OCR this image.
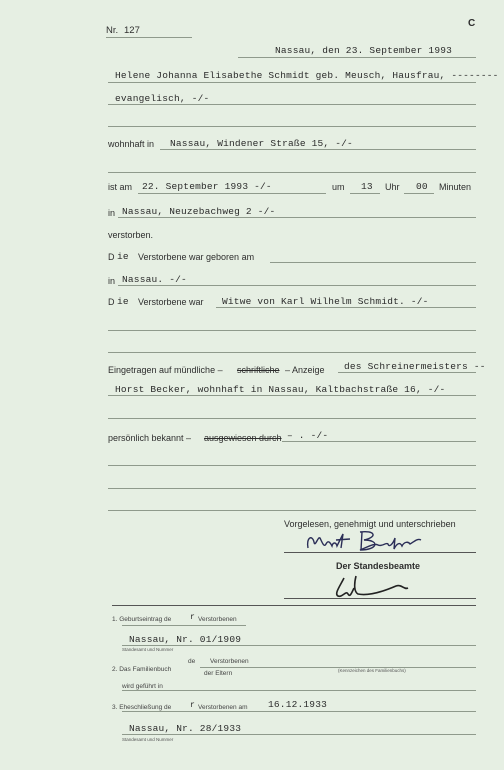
Nr. 127
C
Nassau, den 23. September 1993
Helene Johanna Elisabethe Schmidt geb. Meusch, Hausfrau, --------
evangelisch, -/-
wohnhaft in Nassau, Windener Straße 15, -/-
ist am 22. September 1993 -/-	um 13 Uhr 00 Minuten
in Nassau, Neuzebachweg 2 -/-
verstorben.
D ie Verstorbene war geboren am
in Nassau. -/-
D ie Verstorbene war Witwe von Karl Wilhelm Schmidt. -/-
Eingetragen auf mündliche – schriftliche – Anzeige des Schreinermeisters --
Horst Becker, wohnhaft in Nassau, Kaltbachstraße 16, -/-
persönlich bekannt – ausgewiesen durch – . -/-
Vorgelesen, genehmigt und unterschrieben
Der Standesbeamte
1. Geburtseintrag de r Verstorbenen
Nassau, Nr. 01/1909
Standesamt und Nummer
de Verstorbenen
2. Das Familienbuch	(Kennzeichen des Familienbuchs)
der Eltern
wird geführt in
3. Eheschließung de r Verstorbenen am 16.12.1933
Nassau, Nr. 28/1933
Standesamt und Nummer
